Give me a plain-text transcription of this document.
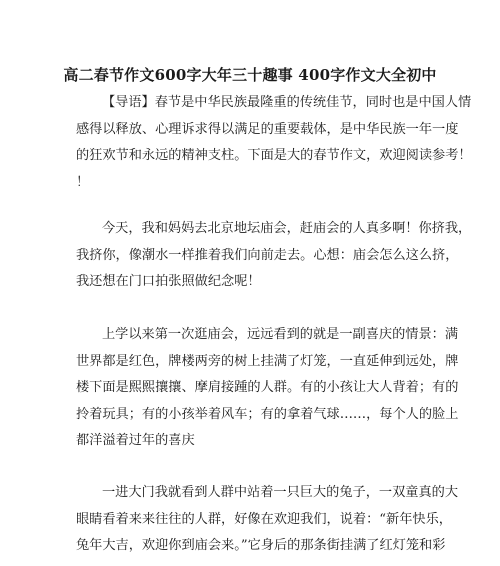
高二春节作文600字大年三十趣事 400字作文大全初中

【导语】春节是中华民族最隆重的传统佳节，同时也是中国人情
感得以释放、心理诉求得以满足的重要载体，是中华民族一年一度
的狂欢节和永远的精神支柱。下面是大的春节作文，欢迎阅读参考！
！

今天，我和妈妈去北京地坛庙会，赶庙会的人真多啊！你挤我，
我挤你，像潮水一样推着我们向前走去。心想：庙会怎么这么挤，
我还想在门口拍张照做纪念呢！

上学以来第一次逛庙会，远远看到的就是一副喜庆的情景：满
世界都是红色，牌楼两旁的树上挂满了灯笼，一直延伸到远处，牌
楼下面是熙熙攘攘、摩肩接踵的人群。有的小孩让大人背着；有的
拎着玩具；有的小孩举着风车；有的拿着气球……，每个人的脸上
都洋溢着过年的喜庆

一进大门我就看到人群中站着一只巨大的兔子，一双童真的大
眼睛看着来来往往的人群，好像在欢迎我们，说着：“新年快乐，
兔年大吉，欢迎你到庙会来。”它身后的那条街挂满了红灯笼和彩
